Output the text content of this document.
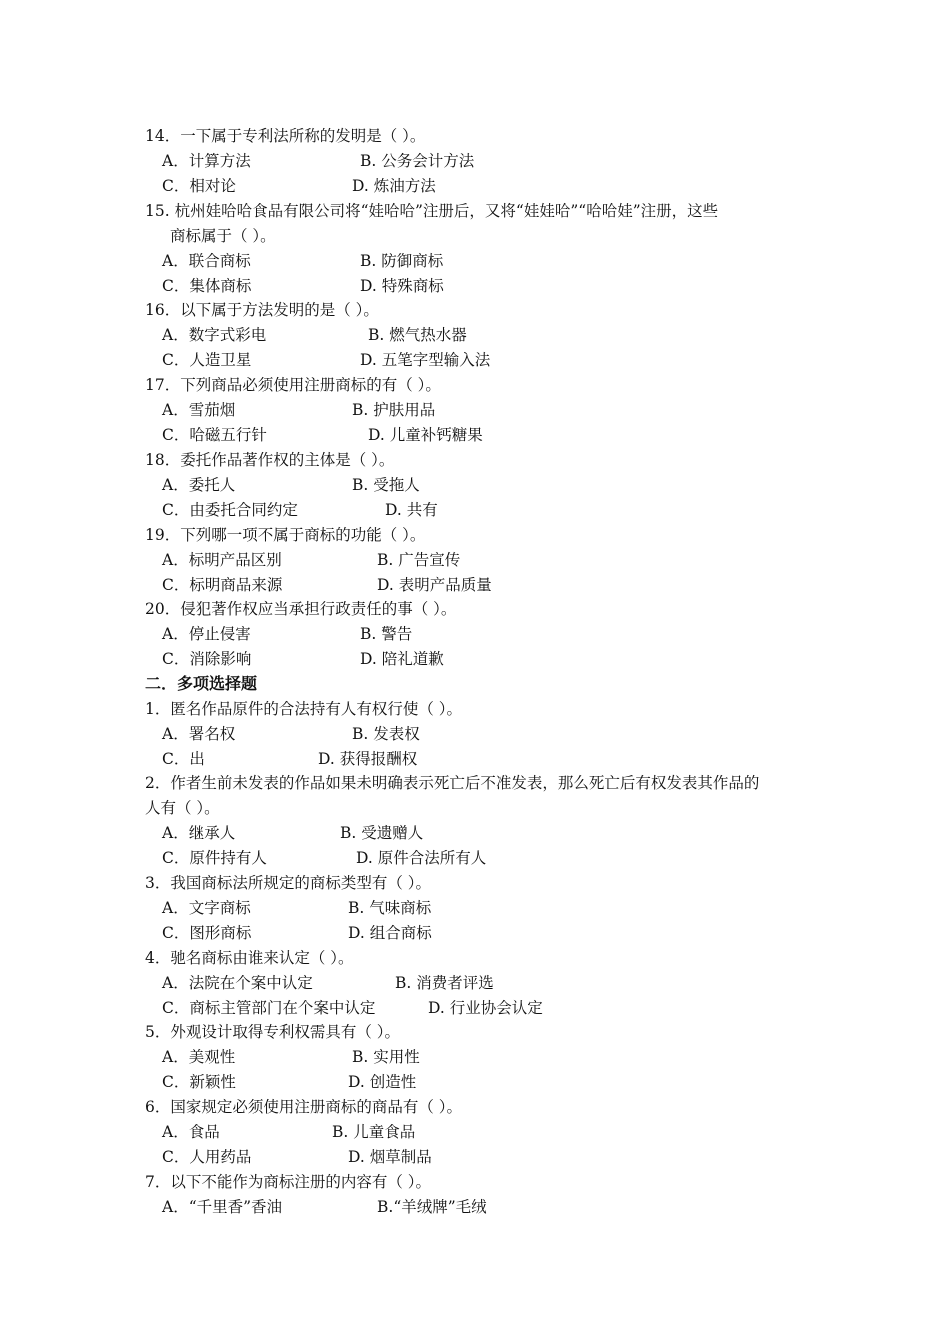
14．一下属于专利法所称的发明是（ ）。
A．计算方法	B. 公务会计方法
C．相对论	D. 炼油方法
15. 杭州娃哈哈食品有限公司将“娃哈哈”注册后，又将“娃娃哈”“哈哈娃”注册，这些
商标属于（ ）。
A．联合商标	B. 防御商标
C．集体商标	D. 特殊商标
16．以下属于方法发明的是（ ）。
A．数字式彩电	B. 燃气热水器
C．人造卫星	D. 五笔字型输入法
17．下列商品必须使用注册商标的有（ ）。
A．雪茄烟	B. 护肤用品
C．哈磁五行针	D. 儿童补钙糖果
18．委托作品著作权的主体是（ ）。
A．委托人	B. 受拖人
C．由委托合同约定	D. 共有
19．下列哪一项不属于商标的功能（ ）。
A．标明产品区别	B. 广告宣传
C．标明商品来源	D. 表明产品质量
20．侵犯著作权应当承担行政责任的事（ ）。
A．停止侵害	B. 警告
C．消除影响	D. 陪礼道歉
二．多项选择题
1．匿名作品原件的合法持有人有权行使（ ）。
A．署名权	B. 发表权
C．出	D. 获得报酬权
2．作者生前未发表的作品如果未明确表示死亡后不准发表，那么死亡后有权发表其作品的
人有（ ）。
A．继承人	B. 受遗赠人
C．原件持有人	D. 原件合法所有人
3．我国商标法所规定的商标类型有（ ）。
A．文字商标	B. 气味商标
C．图形商标	D. 组合商标
4．驰名商标由谁来认定（ ）。
A．法院在个案中认定	B. 消费者评选
C．商标主管部门在个案中认定	D. 行业协会认定
5．外观设计取得专利权需具有（ ）。
A．美观性	B. 实用性
C．新颖性	D. 创造性
6．国家规定必须使用注册商标的商品有（ ）。
A．食品	B. 儿童食品
C．人用药品	D. 烟草制品
7．以下不能作为商标注册的内容有（ ）。
A．“千里香”香油	B.“羊绒牌”毛绒
